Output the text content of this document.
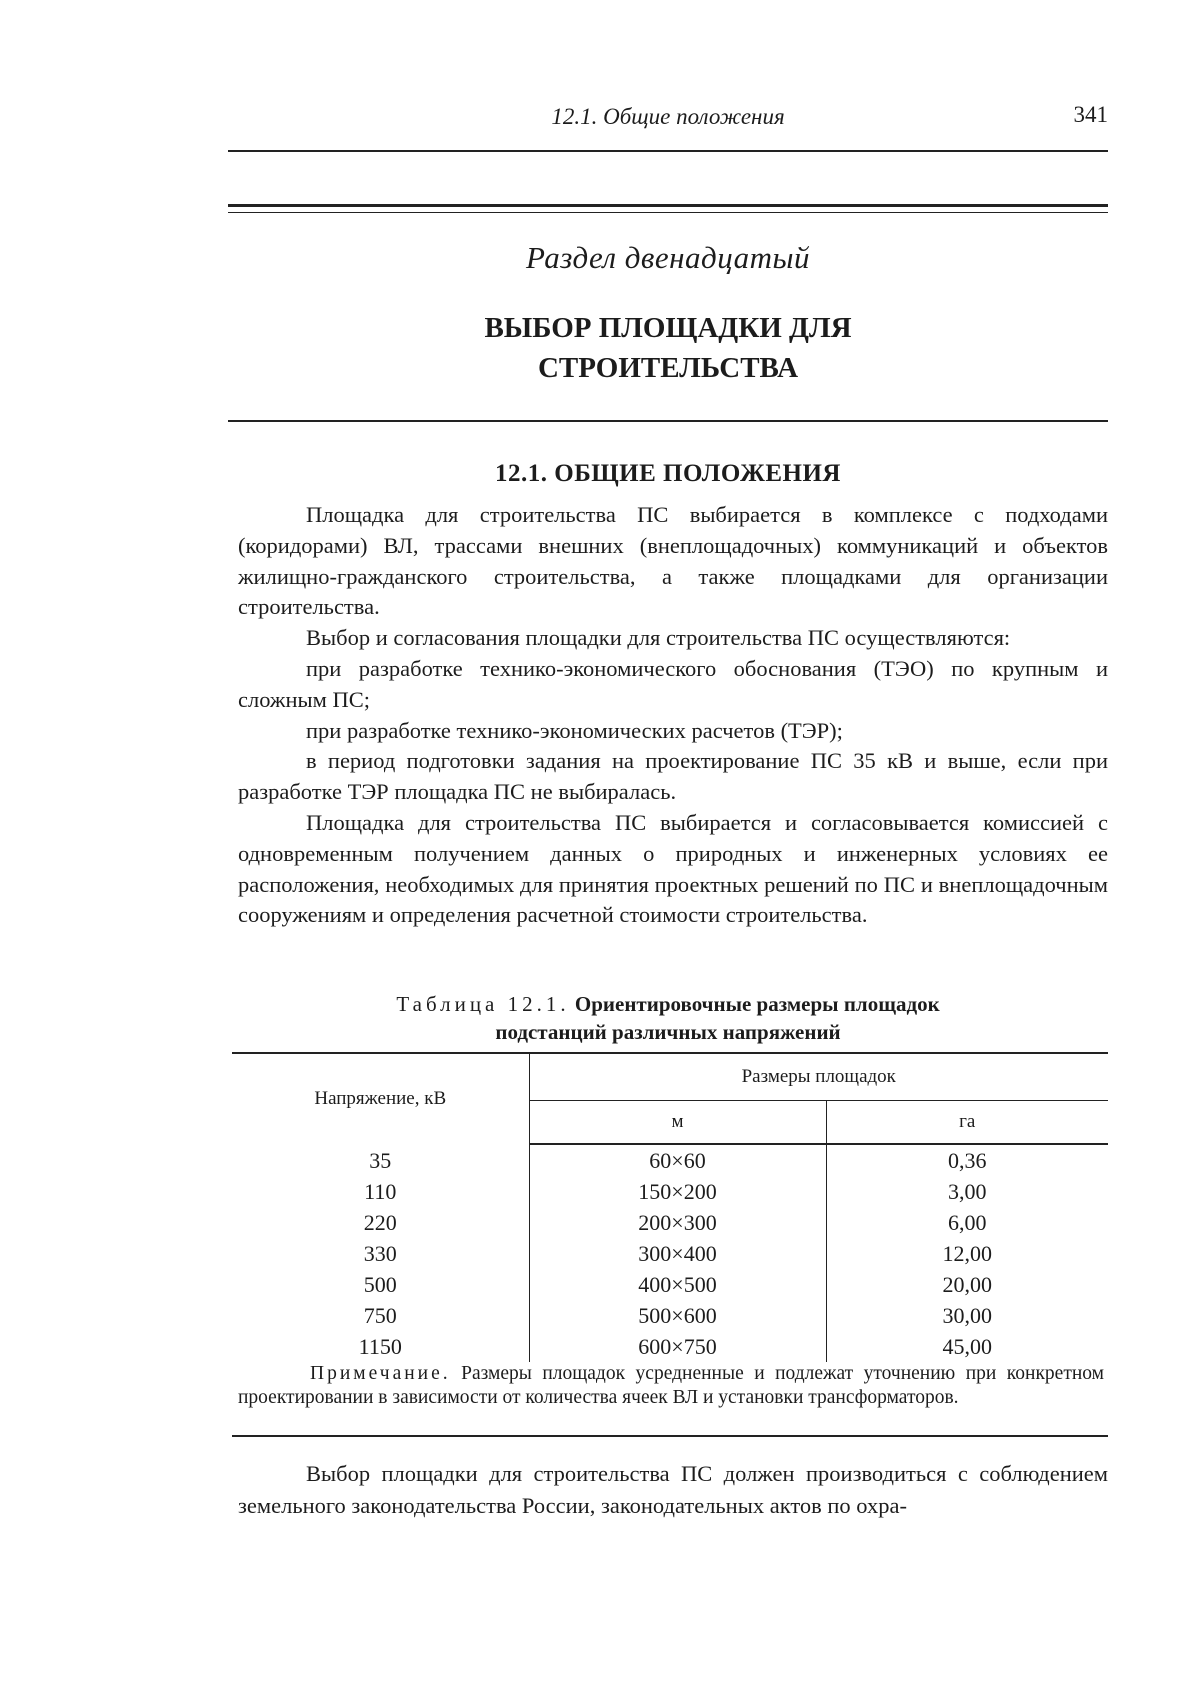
12.1. Общие положения	341
Раздел двенадцатый
ВЫБОР ПЛОЩАДКИ ДЛЯ
СТРОИТЕЛЬСТВА
12.1. ОБЩИЕ ПОЛОЖЕНИЯ

Площадка для строительства ПС выбирается в комплексе с подходами (коридорами) ВЛ, трассами внешних (внеплощадочных) коммуникаций и объектов жилищно-гражданского строительства, а также площадками для организации строительства.

Выбор и согласования площадки для строительства ПС осуществляются:

при разработке технико-экономического обоснования (ТЭО) по крупным и сложным ПС;

при разработке технико-экономических расчетов (ТЭР);

в период подготовки задания на проектирование ПС 35 кВ и выше, если при разработке ТЭР площадка ПС не выбиралась.

Площадка для строительства ПС выбирается и согласовывается комиссией с одновременным получением данных о природных и инженерных условиях ее расположения, необходимых для принятия проектных решений по ПС и внеплощадочным сооружениям и определения расчетной стоимости строительства.

Таблица 12.1. Ориентировочные размеры площадок
подстанций различных напряжений
Напряжение, кВ	Размеры площадок	
	м	га
35	60×60	0,36
110	150×200	3,00
220	200×300	6,00
330	300×400	12,00
500	400×500	20,00
750	500×600	30,00
1150	600×750	45,00
Примечание. Размеры площадок усредненные и подлежат уточнению при конкретном проектировании в зависимости от количества ячеек ВЛ и установки трансформаторов.

Выбор площадки для строительства ПС должен производиться с соблюдением земельного законодательства России, законодательных актов по охра-
